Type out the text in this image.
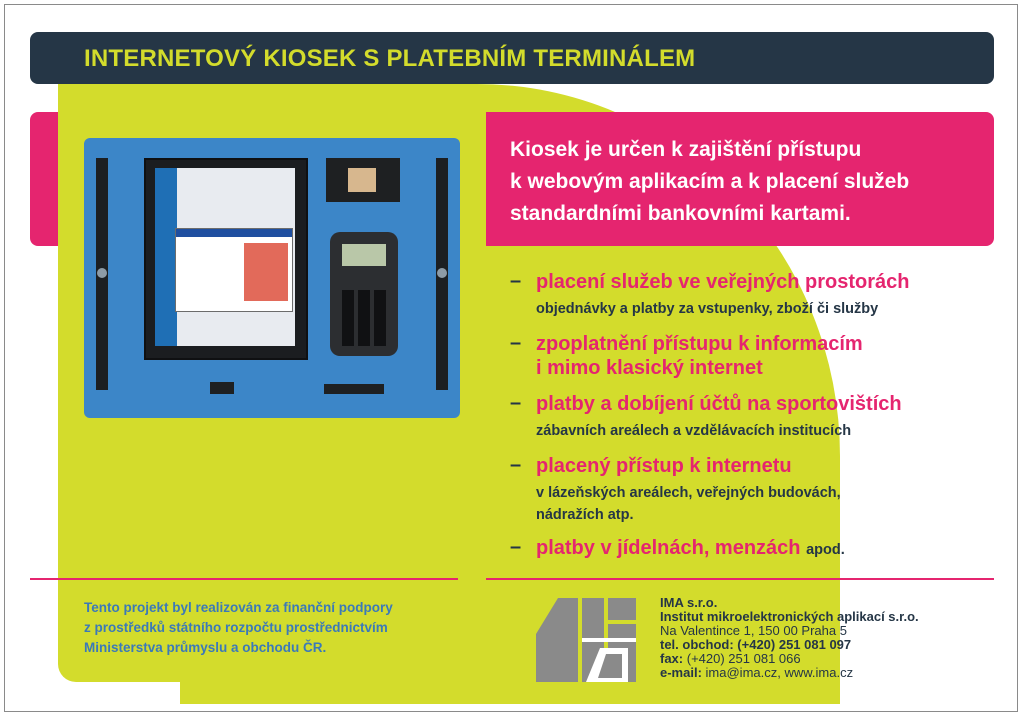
INTERNETOVÝ KIOSEK S PLATEBNÍM TERMINÁLEM

Kiosek je určen k zajištění přístupu
k webovým aplikacím a k placení služeb
standardními bankovními kartami.

– placení služeb ve veřejných prostorách
objednávky a platby za vstupenky, zboží či služby
– zpoplatnění přístupu k informacím
i mimo klasický internet
– platby a dobíjení účtů na sportovištích
zábavních areálech a vzdělávacích institucích
– placený přístup k internetu
v lázeňských areálech, veřejných budovách,
nádražích atp.
– platby v jídelnách, menzách apod.

Tento projekt byl realizován za finanční podpory
z prostředků státního rozpočtu prostřednictvím
Ministerstva průmyslu a obchodu ČR.

IMA s.r.o.
Institut mikroelektronických aplikací s.r.o.
Na Valentince 1, 150 00 Praha 5
tel. obchod: (+420) 251 081 097
fax: (+420) 251 081 066
e-mail: ima@ima.cz, www.ima.cz
